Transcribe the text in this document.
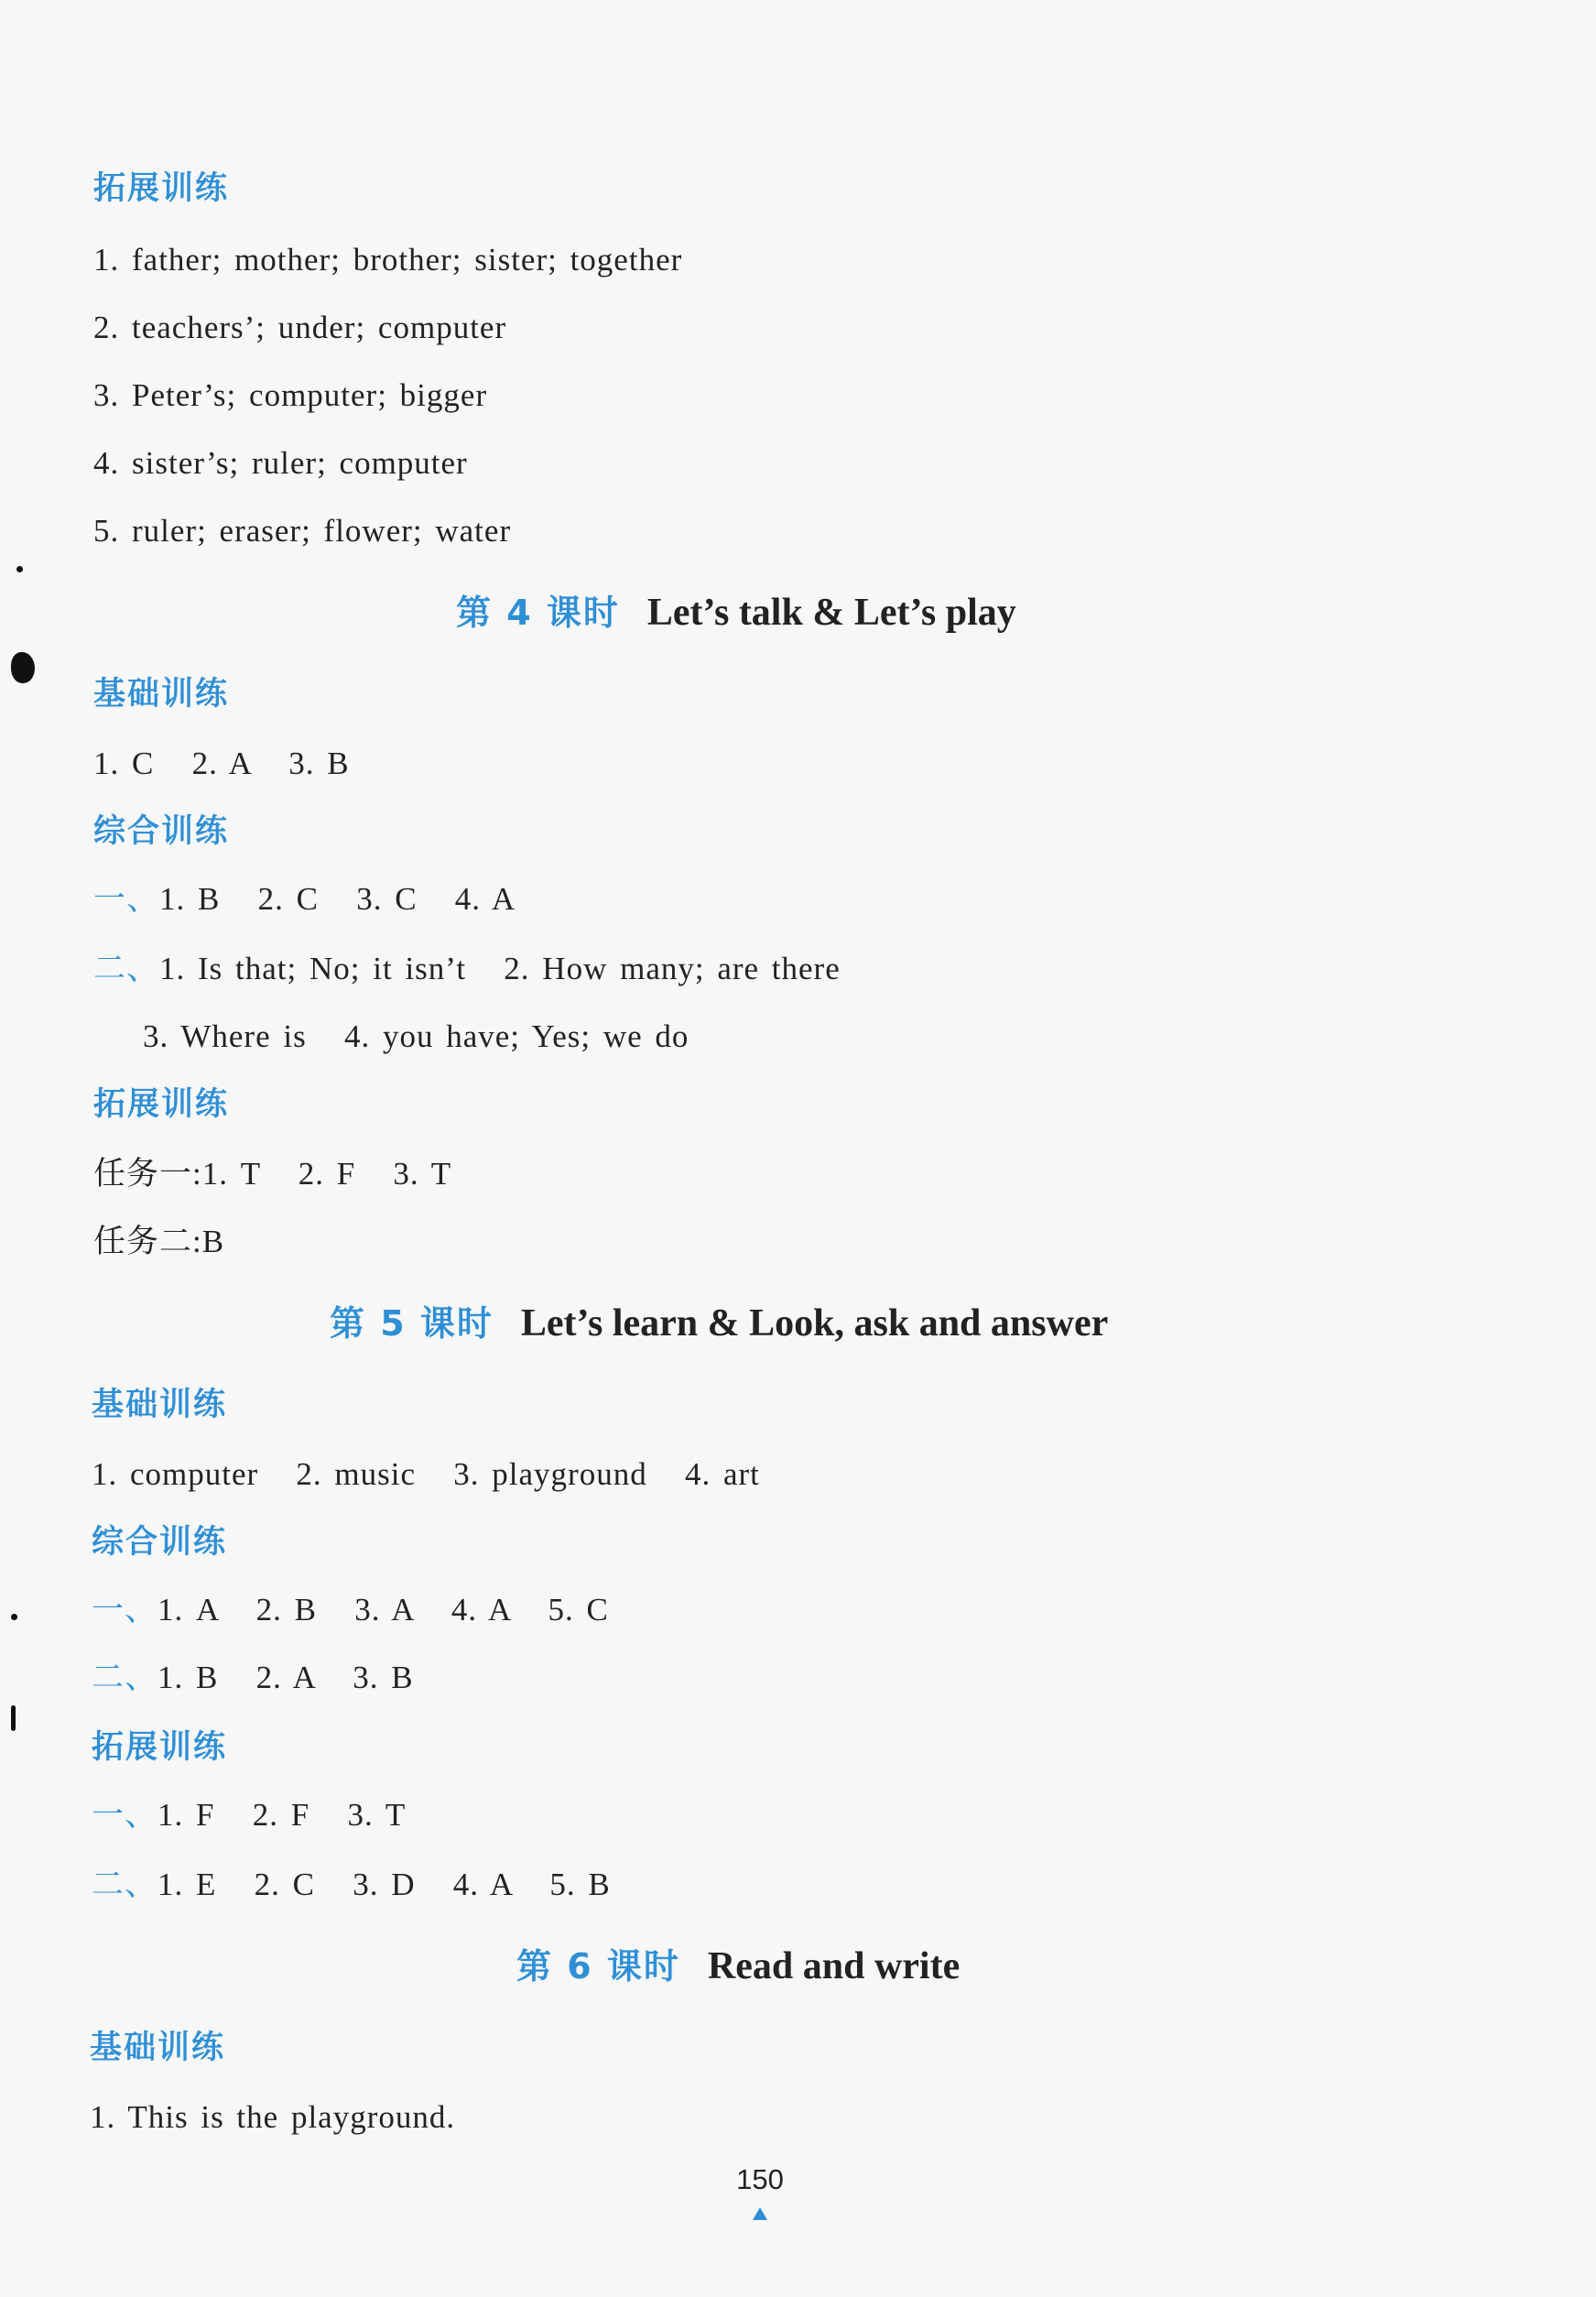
拓展训练
1. father; mother; brother; sister; together
2. teachers’; under; computer
3. Peter’s; computer; bigger
4. sister’s; ruler; computer
5. ruler; eraser; flower; water
第 4 课时 Let’s talk & Let’s play
基础训练
1. C   2. A   3. B
综合训练
一、1. B   2. C   3. C   4. A
二、1. Is that; No; it isn’t   2. How many; are there
3. Where is   4. you have; Yes; we do
拓展训练
任务一:1. T   2. F   3. T
任务二:B
第 5 课时 Let’s learn & Look, ask and answer
基础训练
1. computer   2. music   3. playground   4. art
综合训练
一、1. A   2. B   3. A   4. A   5. C
二、1. B   2. A   3. B
拓展训练
一、1. F   2. F   3. T
二、1. E   2. C   3. D   4. A   5. B
第 6 课时 Read and write
基础训练
1. This is the playground.
150
